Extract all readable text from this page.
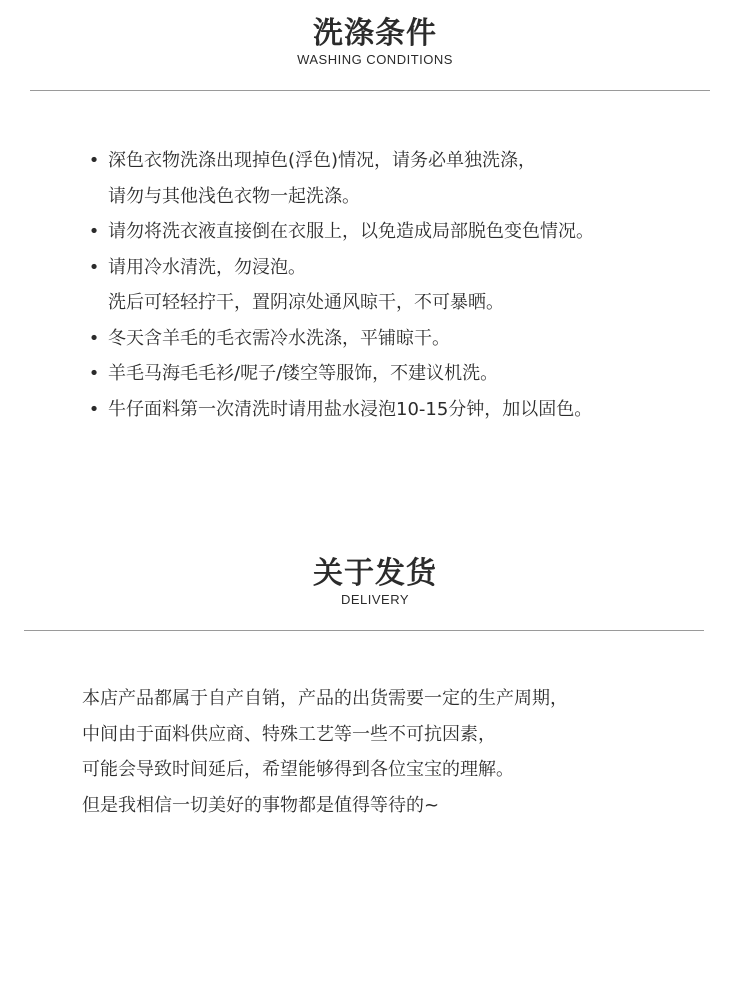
洗涤条件
WASHING CONDITIONS
• 深色衣物洗涤出现掉色(浮色)情况，请务必单独洗涤，
请勿与其他浅色衣物一起洗涤。
• 请勿将洗衣液直接倒在衣服上，以免造成局部脱色变色情况。
• 请用冷水清洗，勿浸泡。
洗后可轻轻拧干，置阴凉处通风晾干，不可暴晒。
• 冬天含羊毛的毛衣需冷水洗涤，平铺晾干。
• 羊毛马海毛毛衫/呢子/镂空等服饰，不建议机洗。
• 牛仔面料第一次清洗时请用盐水浸泡10-15分钟，加以固色。
关于发货
DELIVERY
本店产品都属于自产自销，产品的出货需要一定的生产周期，
中间由于面料供应商、特殊工艺等一些不可抗因素，
可能会导致时间延后，希望能够得到各位宝宝的理解。
但是我相信一切美好的事物都是值得等待的~
